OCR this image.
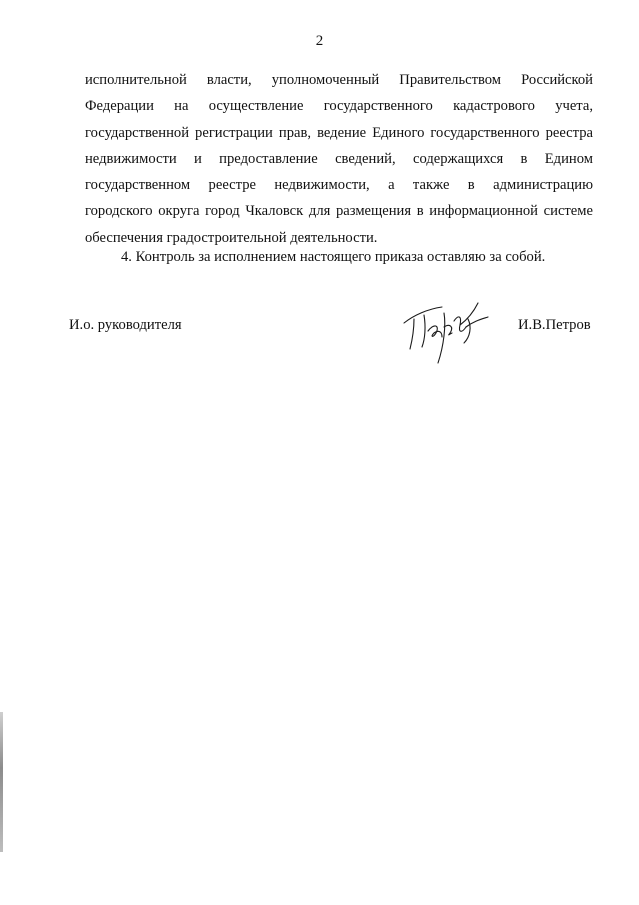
2
исполнительной власти, уполномоченный Правительством Российской
Федерации на осуществление государственного кадастрового учета,
государственной регистрации прав, ведение Единого государственного реестра
недвижимости и предоставление сведений, содержащихся в Едином
государственном реестре недвижимости, а также в администрацию
городского округа город Чкаловск для размещения в информационной системе
обеспечения градостроительной деятельности.
4. Контроль за исполнением настоящего приказа оставляю за собой.
И.о. руководителя	И.В.Петров
